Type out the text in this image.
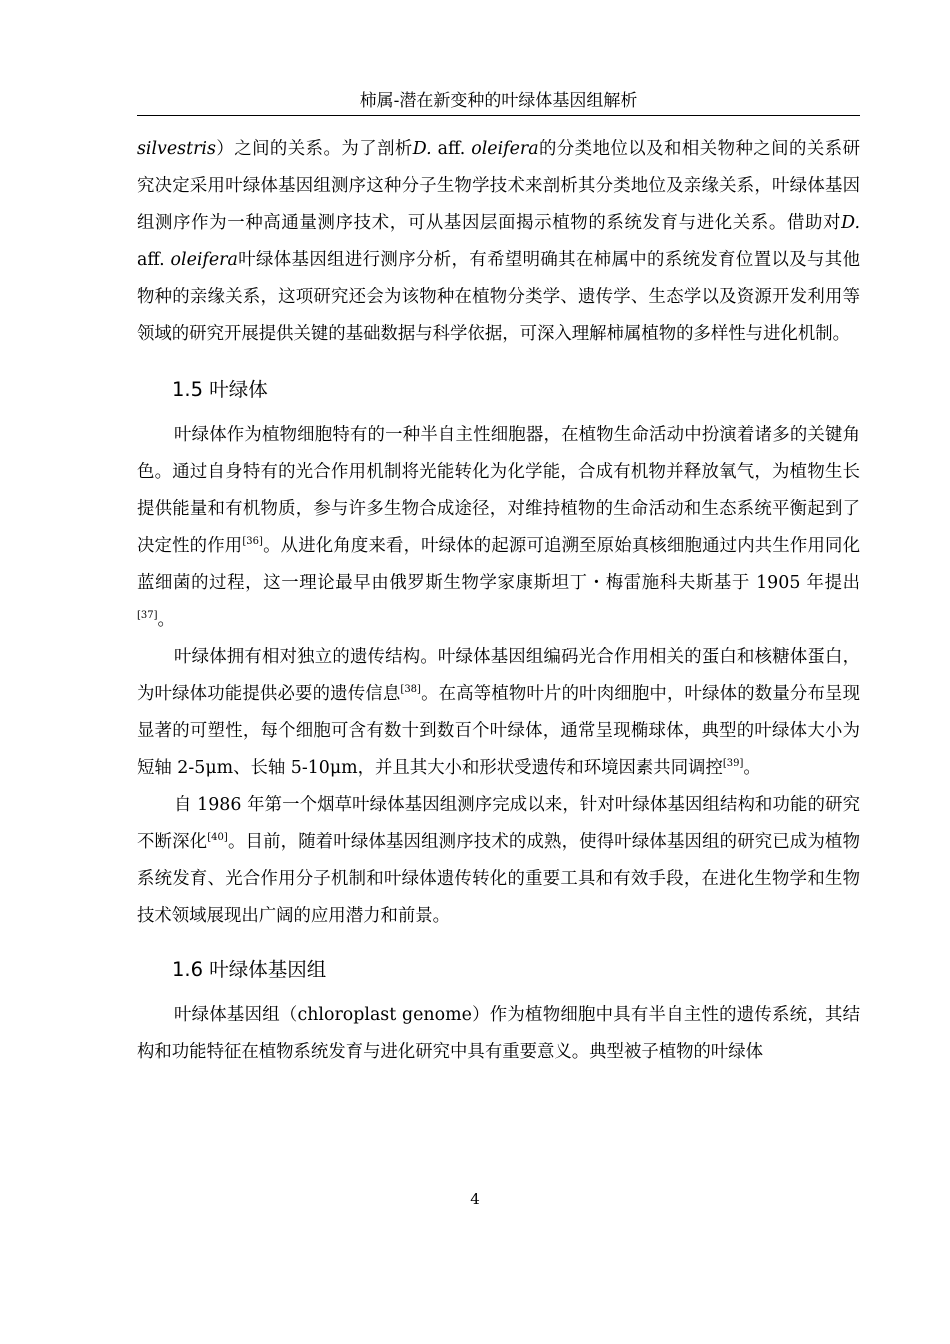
柿属-潜在新变种的叶绿体基因组解析

silvestris）之间的关系。为了剖析D. aff. oleifera的分类地位以及和相关物种之间的关系研究决定采用叶绿体基因组测序这种分子生物学技术来剖析其分类地位及亲缘关系，叶绿体基因组测序作为一种高通量测序技术，可从基因层面揭示植物的系统发育与进化关系。借助对D. aff. oleifera叶绿体基因组进行测序分析，有希望明确其在柿属中的系统发育位置以及与其他物种的亲缘关系，这项研究还会为该物种在植物分类学、遗传学、生态学以及资源开发利用等领域的研究开展提供关键的基础数据与科学依据，可深入理解柿属植物的多样性与进化机制。

1.5 叶绿体

叶绿体作为植物细胞特有的一种半自主性细胞器，在植物生命活动中扮演着诸多的关键角色。通过自身特有的光合作用机制将光能转化为化学能，合成有机物并释放氧气，为植物生长提供能量和有机物质，参与许多生物合成途径，对维持植物的生命活动和生态系统平衡起到了决定性的作用[36]。从进化角度来看，叶绿体的起源可追溯至原始真核细胞通过内共生作用同化蓝细菌的过程，这一理论最早由俄罗斯生物学家康斯坦丁・梅雷施科夫斯基于 1905 年提出[37]。

叶绿体拥有相对独立的遗传结构。叶绿体基因组编码光合作用相关的蛋白和核糖体蛋白，为叶绿体功能提供必要的遗传信息[38]。在高等植物叶片的叶肉细胞中，叶绿体的数量分布呈现显著的可塑性，每个细胞可含有数十到数百个叶绿体，通常呈现椭球体，典型的叶绿体大小为短轴 2-5μm、长轴 5-10μm，并且其大小和形状受遗传和环境因素共同调控[39]。

自 1986 年第一个烟草叶绿体基因组测序完成以来，针对叶绿体基因组结构和功能的研究不断深化[40]。目前，随着叶绿体基因组测序技术的成熟，使得叶绿体基因组的研究已成为植物系统发育、光合作用分子机制和叶绿体遗传转化的重要工具和有效手段，在进化生物学和生物技术领域展现出广阔的应用潜力和前景。

1.6 叶绿体基因组

叶绿体基因组（chloroplast genome）作为植物细胞中具有半自主性的遗传系统，其结构和功能特征在植物系统发育与进化研究中具有重要意义。典型被子植物的叶绿体

4
